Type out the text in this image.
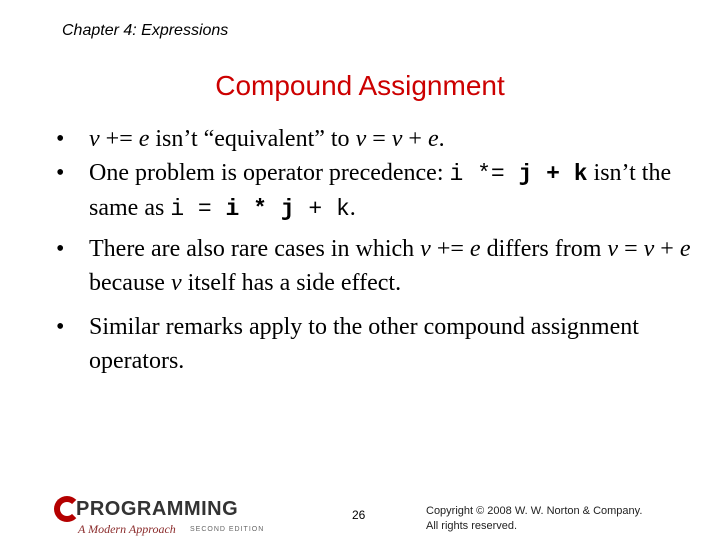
Chapter 4: Expressions
Compound Assignment
•	v += e isn’t “equivalent” to v = v + e.
•	One problem is operator precedence: i *= j + k isn’t the same as i = i * j + k.
•	There are also rare cases in which v += e differs from v = v + e because v itself has a side effect.
•	Similar remarks apply to the other compound assignment operators.
PROGRAMMING
A Modern Approach SECOND EDITION
26	Copyright © 2008 W. W. Norton & Company.
All rights reserved.
